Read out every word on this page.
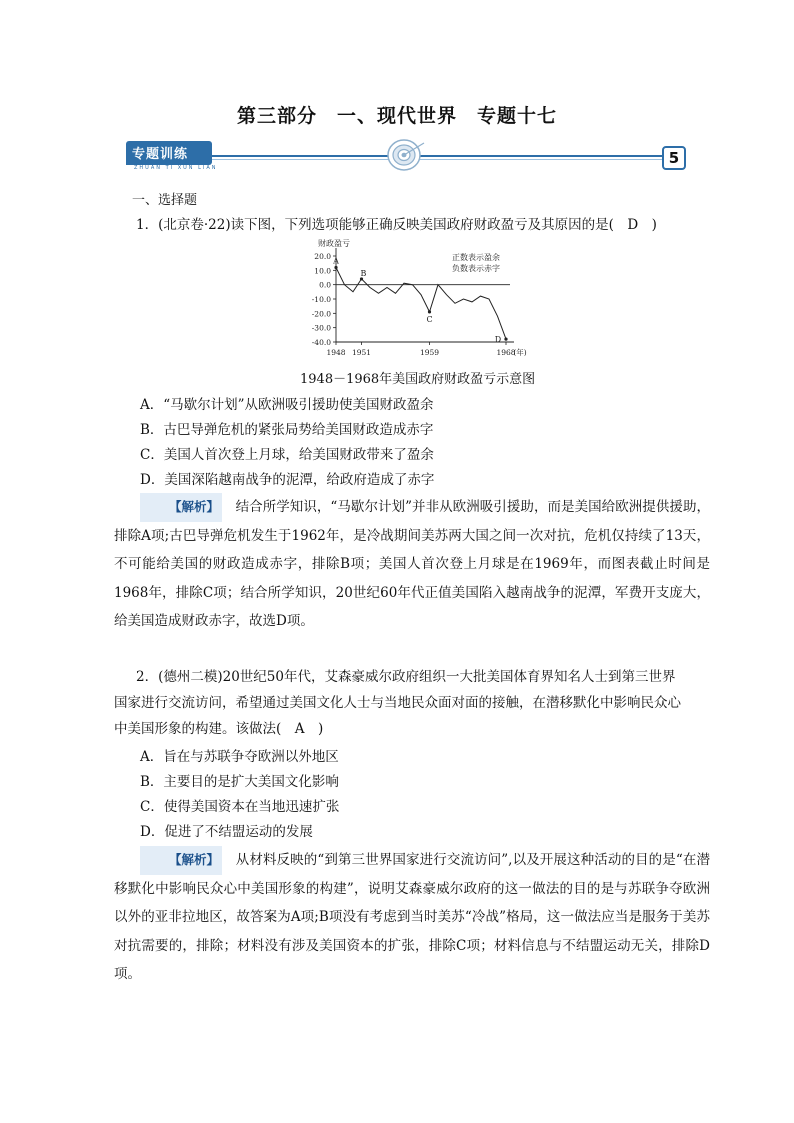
第三部分　一、现代世界　专题十七
专题训练
ZHUAN TI XUN LIAN
5
一、选择题
1．(北京卷·22)读下图，下列选项能够正确反映美国政府财政盈亏及其原因的是(　D　)
财政盈亏
20.0
10.0
0.0
-10.0
-20.0
-30.0
-40.0
1948 1951	1959	1968
(年)
正数表示盈余
负数表示赤字
A
B
C
D
1948－1968年美国政府财政盈亏示意图
A．“马歇尔计划”从欧洲吸引援助使美国财政盈余
B．古巴导弹危机的紧张局势给美国财政造成赤字
C．美国人首次登上月球，给美国财政带来了盈余
D．美国深陷越南战争的泥潭，给政府造成了赤字
【解析】　结合所学知识，“马歇尔计划”并非从欧洲吸引援助，而是美国给欧洲提供援助，排除A项;古巴导弹危机发生于1962年，是冷战期间美苏两大国之间一次对抗，危机仅持续了13天，不可能给美国的财政造成赤字，排除B项；美国人首次登上月球是在1969年，而图表截止时间是1968年，排除C项；结合所学知识，20世纪60年代正值美国陷入越南战争的泥潭，军费开支庞大，给美国造成财政赤字，故选D项。
2．(德州二模)20世纪50年代，艾森豪威尔政府组织一大批美国体育界知名人士到第三世界
国家进行交流访问，希望通过美国文化人士与当地民众面对面的接触，在潜移默化中影响民众心
中美国形象的构建。该做法(　A　)
A．旨在与苏联争夺欧洲以外地区
B．主要目的是扩大美国文化影响
C．使得美国资本在当地迅速扩张
D．促进了不结盟运动的发展
【解析】　从材料反映的“到第三世界国家进行交流访问”,以及开展这种活动的目的是“在潜移默化中影响民众心中美国形象的构建”，说明艾森豪威尔政府的这一做法的目的是与苏联争夺欧洲以外的亚非拉地区，故答案为A项;B项没有考虑到当时美苏“冷战”格局，这一做法应当是服务于美苏对抗需要的，排除；材料没有涉及美国资本的扩张，排除C项；材料信息与不结盟运动无关，排除D项。
